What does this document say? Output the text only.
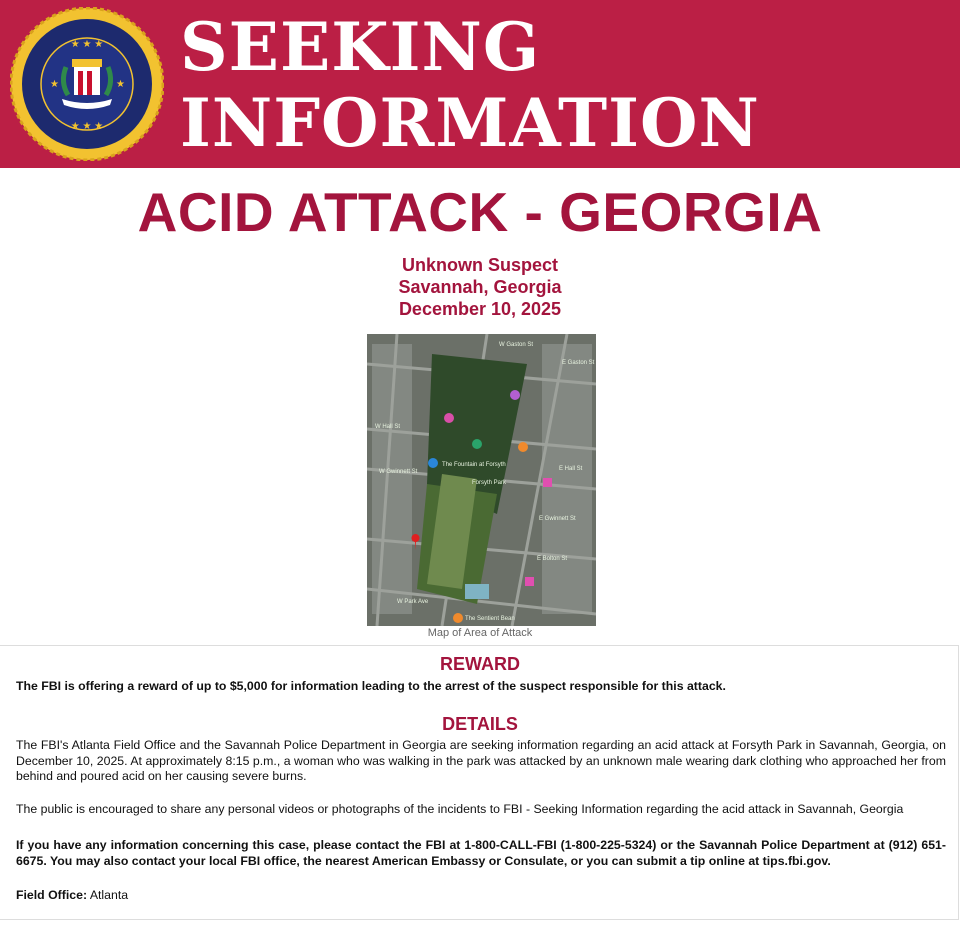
★ ★ ★
★	★
★ ★ ★
SEEKING
INFORMATION
ACID ATTACK - GEORGIA
Unknown Suspect
Savannah, Georgia
December 10, 2025
Forsyth Park
The Fountain at Forsyth
The Sentient Bean
W Gwinnett St
E Gwinnett St
E Bolton St
W Park Ave
W Gaston St
E Gaston St
W Hall St
E Hall St
Map of Area of Attack
REWARD
The FBI is offering a reward of up to $5,000 for information leading to the arrest of the suspect responsible for this attack.
DETAILS
The FBI's Atlanta Field Office and the Savannah Police Department in Georgia are seeking information regarding an acid attack at Forsyth Park in Savannah, Georgia, on December 10, 2025. At approximately 8:15 p.m., a woman who was walking in the park was attacked by an unknown male wearing dark clothing who approached her from behind and poured acid on her causing severe burns.
The public is encouraged to share any personal videos or photographs of the incidents to FBI - Seeking Information regarding the acid attack in Savannah, Georgia
If you have any information concerning this case, please contact the FBI at 1-800-CALL-FBI (1-800-225-5324) or the Savannah Police Department at (912) 651-6675. You may also contact your local FBI office, the nearest American Embassy or Consulate, or you can submit a tip online at tips.fbi.gov.
Field Office: Atlanta
